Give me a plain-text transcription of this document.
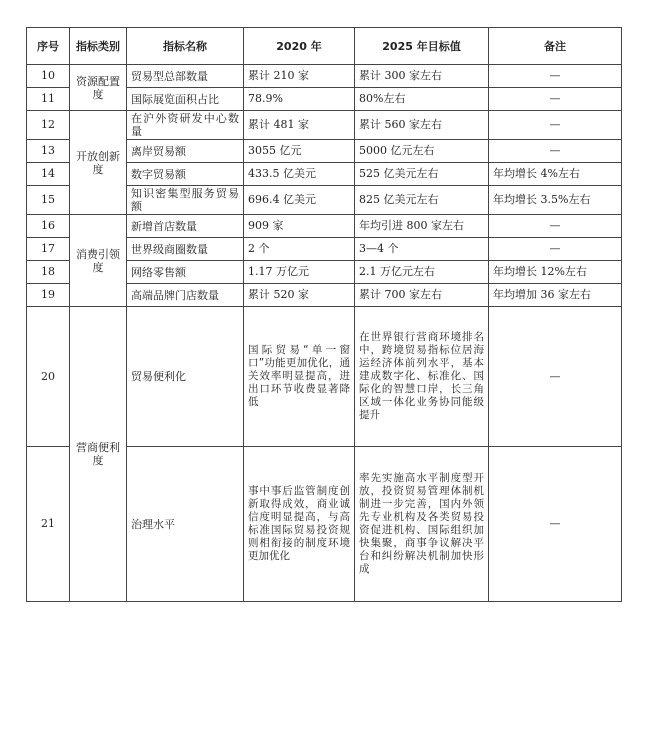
序号	指标类别	指标名称	2020 年	2025 年目标值	备注
10	资源配置度	贸易型总部数量	累计 210 家	累计 300 家左右	—
11		国际展览面积占比	78.9%	80%左右	—
12	开放创新度	在沪外资研发中心数量	累计 481 家	累计 560 家左右	—
13		离岸贸易额	3055 亿元	5000 亿元左右	—
14		数字贸易额	433.5 亿美元	525 亿美元左右	年均增长 4%左右
15		知识密集型服务贸易额	696.4 亿美元	825 亿美元左右	年均增长 3.5%左右
16	消费引领度	新增首店数量	909 家	年均引进 800 家左右	—
17		世界级商圈数量	2 个	3—4 个	—
18		网络零售额	1.17 万亿元	2.1 万亿元左右	年均增长 12%左右
19		高端品牌门店数量	累计 520 家	累计 700 家左右	年均增加 36 家左右
20	营商便利度	贸易便利化	国际贸易“单一窗口”功能更加优化，通关效率明显提高，进出口环节收费显著降低	在世界银行营商环境排名中，跨境贸易指标位居海运经济体前列水平，基本建成数字化、标准化、国际化的智慧口岸，长三角区域一体化业务协同能级提升	—
21		治理水平	事中事后监管制度创新取得成效，商业诚信度明显提高，与高标准国际贸易投资规则相衔接的制度环境更加优化	率先实施高水平制度型开放，投资贸易管理体制机制进一步完善，国内外领先专业机构及各类贸易投资促进机构、国际组织加快集聚，商事争议解决平台和纠纷解决机制加快形成	—
